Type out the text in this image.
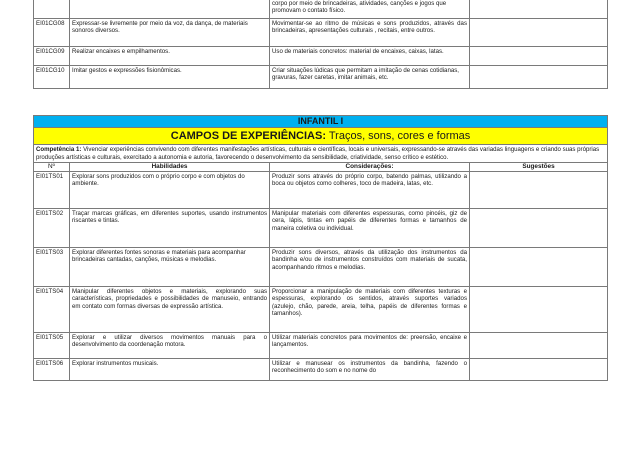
		corpo por meio de brincadeiras, atividades, canções e jogos que promovam o contato físico.	
EI01CG08	Expressar-se livremente por meio da voz, da dança, de materiais sonoros diversos.	Movimentar-se ao ritmo de músicas e sons produzidos, através das brincadeiras, apresentações culturais , recitais, entre outros.	
EI01CG09	Realizar encaixes e empilhamentos.	Uso de materiais concretos: material de encaixes, caixas, latas.	
EI01CG10	Imitar gestos e expressões fisionômicas.	Criar situações lúdicas que permitam a imitação de cenas cotidianas, gravuras, fazer caretas, imitar animais, etc.	
INFANTIL I			
CAMPOS DE EXPERIÊNCIAS: Traços, sons, cores e formas			
Competência 1: Vivenciar experiências convivendo com diferentes manifestações artísticas, culturais e científicas, locais e universais, expressando-se através das variadas linguagens e criando suas próprias produções artísticas e culturais, exercitado a autonomia e autoria, favorecendo o desenvolvimento da sensibilidade, criatividade, senso crítico e estético.			
Nº	Habilidades	Considerações:	Sugestões
EI01TS01	Explorar sons produzidos com o próprio corpo e com objetos do ambiente.	Produzir sons através do próprio corpo, batendo palmas, utilizando a boca ou objetos como colheres, toco de madeira, latas, etc.	
EI01TS02	Traçar marcas gráficas, em diferentes suportes, usando instrumentos riscantes e tintas.	Manipular materiais com diferentes espessuras, como pincéis, giz de cera, lápis, tintas em papéis de diferentes formas e tamanhos de maneira coletiva ou individual.	
EI01TS03	Explorar diferentes fontes sonoras e materiais para acompanhar brincadeiras cantadas, canções, músicas e melodias.	Produzir sons diversos, através da utilização dos instrumentos da bandinha e/ou de instrumentos construídos com materiais de sucata, acompanhando ritmos e melodias.	
EI01TS04	Manipular diferentes objetos e materiais, explorando suas características, propriedades e possibilidades de manuseio, entrando em contato com formas diversas de expressão artística.	Proporcionar a manipulação de materiais com diferentes texturas e espessuras, explorando os sentidos, através suportes variados (azulejo, chão, parede, areia, telha, papéis de diferentes formas e tamanhos).	
EI01TS05	Explorar e utilizar diversos movimentos manuais para o desenvolvimento da coordenação motora.	Utilizar materiais concretos para movimentos de: preensão, encaixe e lançamentos.	
EI01TS06	Explorar instrumentos musicais.	Utilizar e manusear os instrumentos da bandinha, fazendo o reconhecimento do som e no nome do	
